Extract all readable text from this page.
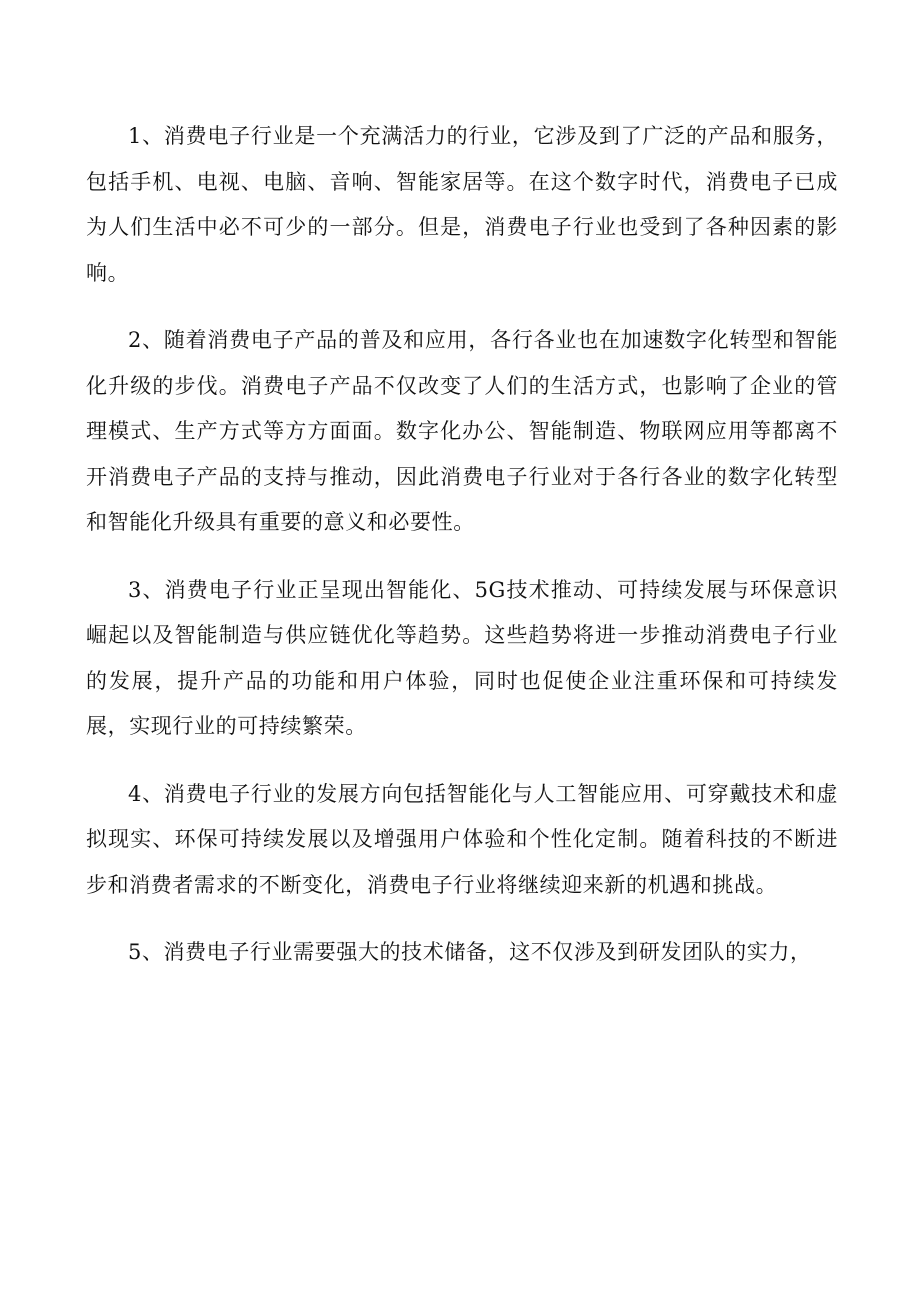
1、消费电子行业是一个充满活力的行业，它涉及到了广泛的产品和服务，包括手机、电视、电脑、音响、智能家居等。在这个数字时代，消费电子已成为人们生活中必不可少的一部分。但是，消费电子行业也受到了各种因素的影响。

2、随着消费电子产品的普及和应用，各行各业也在加速数字化转型和智能化升级的步伐。消费电子产品不仅改变了人们的生活方式，也影响了企业的管理模式、生产方式等方方面面。数字化办公、智能制造、物联网应用等都离不开消费电子产品的支持与推动，因此消费电子行业对于各行各业的数字化转型和智能化升级具有重要的意义和必要性。

3、消费电子行业正呈现出智能化、5G技术推动、可持续发展与环保意识崛起以及智能制造与供应链优化等趋势。这些趋势将进一步推动消费电子行业的发展，提升产品的功能和用户体验，同时也促使企业注重环保和可持续发展，实现行业的可持续繁荣。

4、消费电子行业的发展方向包括智能化与人工智能应用、可穿戴技术和虚拟现实、环保可持续发展以及增强用户体验和个性化定制。随着科技的不断进步和消费者需求的不断变化，消费电子行业将继续迎来新的机遇和挑战。

5、消费电子行业需要强大的技术储备，这不仅涉及到研发团队的实力，
